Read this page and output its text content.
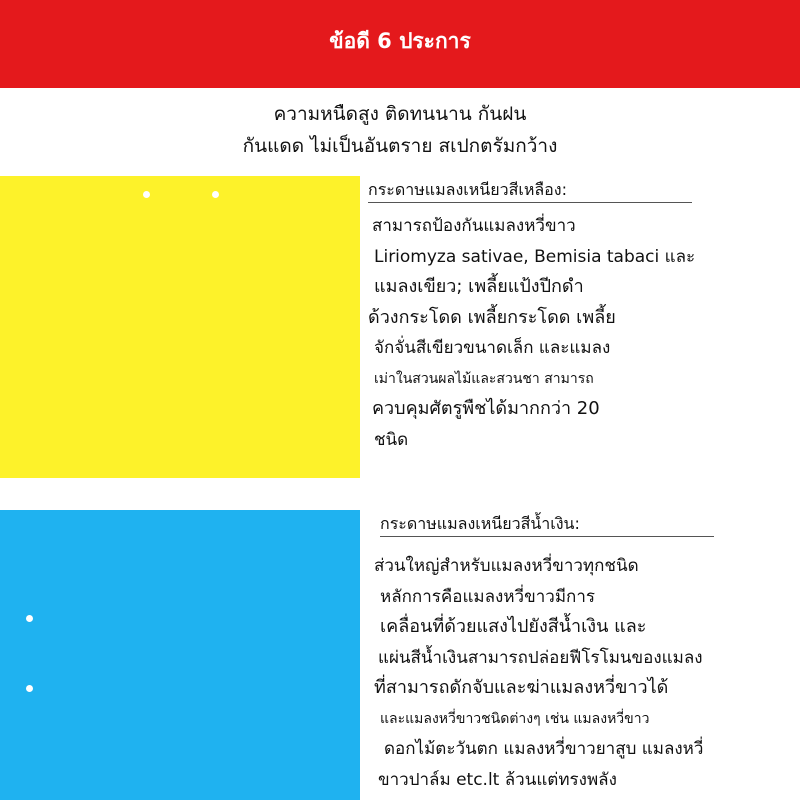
ข้อดี 6 ประการ
ความหนืดสูง ติดทนนาน กันฝน
กันแดด ไม่เป็นอันตราย สเปกตรัมกว้าง
กระดาษแมลงเหนียวสีเหลือง:
สามารถป้องกันแมลงหวี่ขาว
Liriomyza sativae, Bemisia tabaci และ
แมลงเขียว; เพลี้ยแป้งปีกดำ
ด้วงกระโดด เพลี้ยกระโดด เพลี้ย
จักจั่นสีเขียวขนาดเล็ก และแมลง
เม่าในสวนผลไม้และสวนชา สามารถ
ควบคุมศัตรูพืชได้มากกว่า 20
ชนิด
กระดาษแมลงเหนียวสีน้ำเงิน:
ส่วนใหญ่สำหรับแมลงหวี่ขาวทุกชนิด
หลักการคือแมลงหวี่ขาวมีการ
เคลื่อนที่ด้วยแสงไปยังสีน้ำเงิน และ
แผ่นสีน้ำเงินสามารถปล่อยฟีโรโมนของแมลง
ที่สามารถดักจับและฆ่าแมลงหวี่ขาวได้
และแมลงหวี่ขาวชนิดต่างๆ เช่น แมลงหวี่ขาว
ดอกไม้ตะวันตก แมลงหวี่ขาวยาสูบ แมลงหวี่
ขาวปาล์ม etc.lt ล้วนแต่ทรงพลัง
